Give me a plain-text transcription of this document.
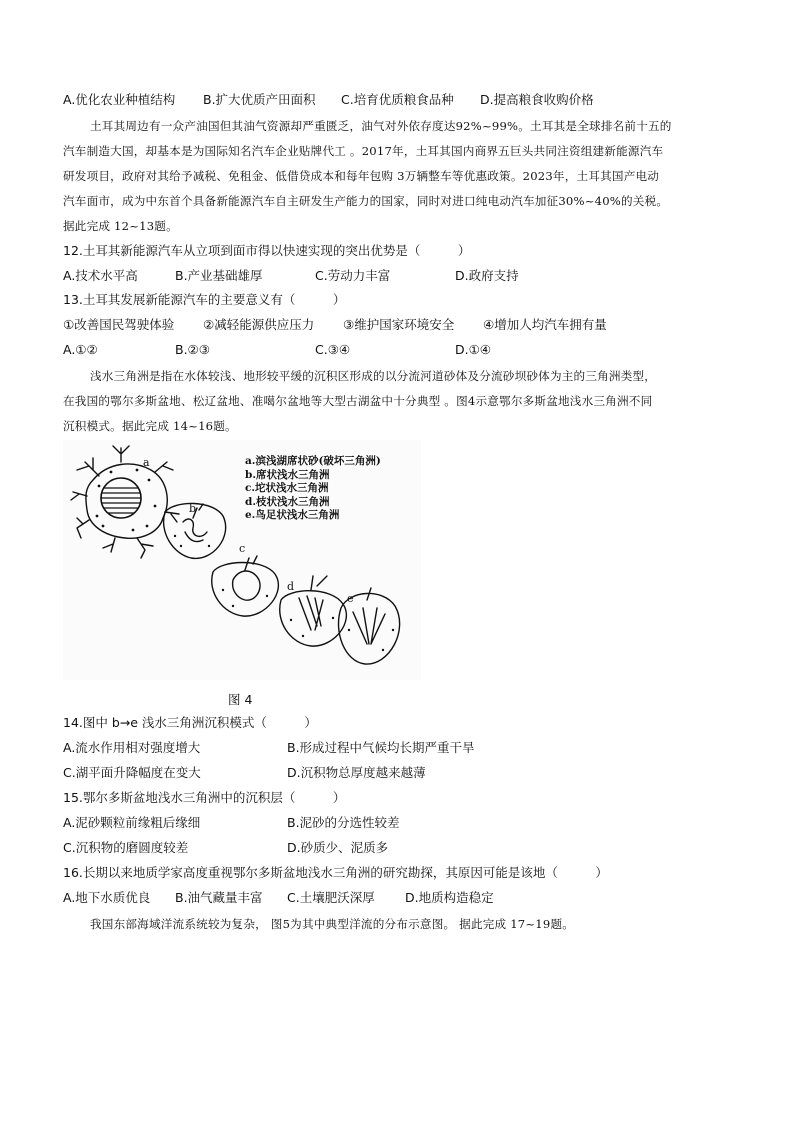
A.优化农业种植结构 B.扩大优质产田面积 C.培育优质粮食品种 D.提高粮食收购价格
土耳其周边有一众产油国但其油气资源却严重匮乏，油气对外依存度达92%~99%。土耳其是全球排名前十五的
汽车制造大国，却基本是为国际知名汽车企业贴牌代工 。2017年，土耳其国内商界五巨头共同注资组建新能源汽车
研发项目，政府对其给予减税、免租金、低借贷成本和每年包购 3万辆整车等优惠政策。2023年，土耳其国产电动
汽车面市，成为中东首个具备新能源汽车自主研发生产能力的国家，同时对进口纯电动汽车加征30%~40%的关税。
据此完成 12~13题。
12.土耳其新能源汽车从立项到面市得以快速实现的突出优势是（　　　）
A.技术水平高	B.产业基础雄厚	C.劳动力丰富	D.政府支持
13.土耳其发展新能源汽车的主要意义有（　　　）
①改善国民驾驶体验 ②减轻能源供应压力 ③维护国家环境安全 ④增加人均汽车拥有量
A.①②	B.②③	C.③④	D.①④
浅水三角洲是指在水体较浅、地形较平缓的沉积区形成的以分流河道砂体及分流砂坝砂体为主的三角洲类型，
在我国的鄂尔多斯盆地、松辽盆地、准噶尔盆地等大型古湖盆中十分典型 。图4示意鄂尔多斯盆地浅水三角洲不同
沉积模式。据此完成 14~16题。
a
b
c
d
e
a.滨浅湖席状砂(破坏三角洲)
b.席状浅水三角洲
c.坨状浅水三角洲
d.枝状浅水三角洲
e.鸟足状浅水三角洲
图 4
14.图中 b→e 浅水三角洲沉积模式（　　　）
A.流水作用相对强度增大	B.形成过程中气候均长期严重干旱
C.湖平面升降幅度在变大	D.沉积物总厚度越来越薄
15.鄂尔多斯盆地浅水三角洲中的沉积层（　　　）
A.泥砂颗粒前缘粗后缘细	B.泥砂的分选性较差
C.沉积物的磨圆度较差	D.砂质少、泥质多
16.长期以来地质学家高度重视鄂尔多斯盆地浅水三角洲的研究勘探，其原因可能是该地（　　　）
A.地下水质优良 B.油气藏量丰富 C.土壤肥沃深厚 D.地质构造稳定
我国东部海域洋流系统较为复杂， 图5为其中典型洋流的分布示意图。 据此完成 17~19题。
